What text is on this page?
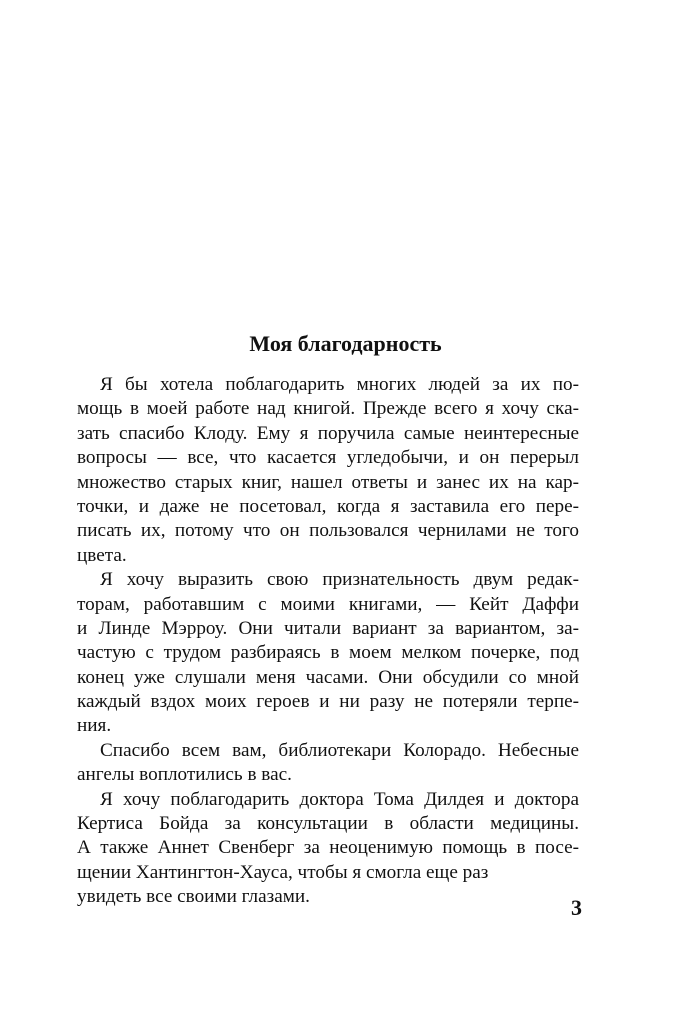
Моя благодарность
Я бы хотела поблагодарить многих людей за их по-
мощь в моей работе над книгой. Прежде всего я хочу ска-
зать спасибо Клоду. Ему я поручила самые неинтересные
вопросы — все, что касается угледобычи, и он перерыл
множество старых книг, нашел ответы и занес их на кар-
точки, и даже не посетовал, когда я заставила его пере-
писать их, потому что он пользовался чернилами не того
цвета.
Я хочу выразить свою признательность двум редак-
торам, работавшим с моими книгами, — Кейт Даффи
и Линде Мэрроу. Они читали вариант за вариантом, за-
частую с трудом разбираясь в моем мелком почерке, под
конец уже слушали меня часами. Они обсудили со мной
каждый вздох моих героев и ни разу не потеряли терпе-
ния.
Спасибо всем вам, библиотекари Колорадо. Небесные
ангелы воплотились в вас.
Я хочу поблагодарить доктора Тома Дилдея и доктора
Кертиса Бойда за консультации в области медицины.
А также Аннет Свенберг за неоценимую помощь в посе-
щении Хантингтон-Хауса, чтобы я смогла еще раз
увидеть все своими глазами.	3
